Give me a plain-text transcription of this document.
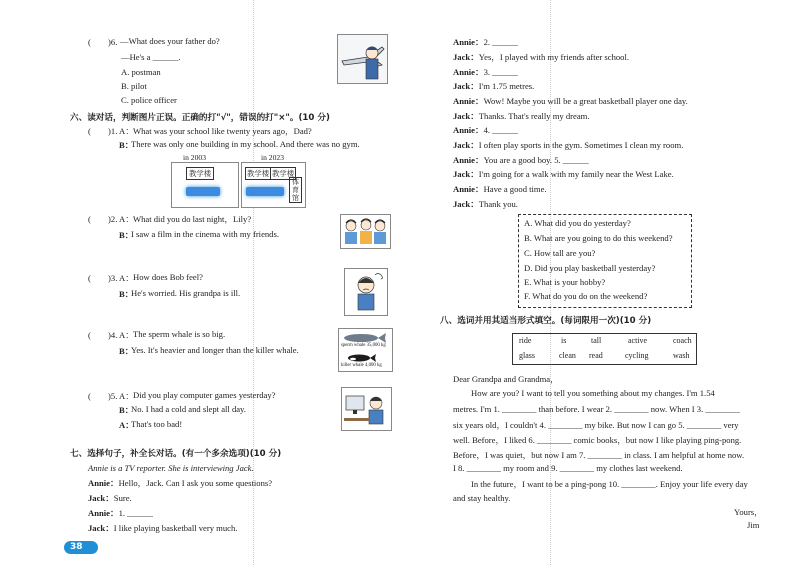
(　　)6. —What does your father do?
—He's a ______.
A. postman
B. pilot
C. police officer
六、读对话，判断图片正误。正确的打"√"，错误的打"×"。(10 分)
(　　)1. A： What was your school like twenty years ago，Dad?
B：
There was only one building in my school. And there was no gym.
in 2003	in 2023
教学楼	教学楼 教学楼
体育馆
(　　)2. A： What did you do last night，Lily?
B：
I saw a film in the cinema with my friends.
(　　)3. A： How does Bob feel?
B：
He's worried. His grandpa is ill.
(　　)4. A： The sperm whale is so big.
B：
Yes. It's heavier and longer than the killer whale.	sperm whale 35,000 kg
killer whale 4,000 kg
(　　)5. A： Did you play computer games yesterday?
B：
No. I had a cold and slept all day.
A：
That's too bad!
七、选择句子，补全长对话。(有一个多余选项)(10 分)
Annie is a TV reporter. She is interviewing Jack.
Annie：Hello，Jack. Can I ask you some questions?
Jack：Sure.
Annie：1. ______
Jack：I like playing basketball very much.
38
Annie：2. ______
Jack：Yes，I played with my friends after school.
Annie：3. ______
Jack：I'm 1.75 metres.
Annie：Wow! Maybe you will be a great basketball player one day.
Jack：Thanks. That's really my dream.
Annie：4. ______
Jack：I often play sports in the gym. Sometimes I clean my room.
Annie：You are a good boy. 5. ______
Jack：I'm going for a walk with my family near the West Lake.
Annie：Have a good time.
Jack：Thank you.
A. What did you do yesterday?
B. What are you going to do this weekend?
C. How tall are you?
D. Did you play basketball yesterday?
E. What is your hobby?
F. What do you do on the weekend?
八、选词并用其适当形式填空。(每词限用一次)(10 分)
ride	is	tall	active	coach
glass	clean read	cycling	wash
Dear Grandpa and Grandma，
How are you? I want to tell you something about my changes. I'm 1.54
metres. I'm 1. ________ than before. I wear 2. ________ now. When I 3. ________
six years old，I couldn't 4. ________ my bike. But now I can go 5. ________ very
well. Before，I liked 6. ________ comic books，but now I like playing ping-pong.
Before，I was quiet，but now I am 7. ________ in class. I am helpful at home now.
I 8. ________ my room and 9. ________ my clothes last weekend.
In the future，I want to be a ping-pong 10. ________. Enjoy your life every day
and stay healthy.
Yours，
Jim
